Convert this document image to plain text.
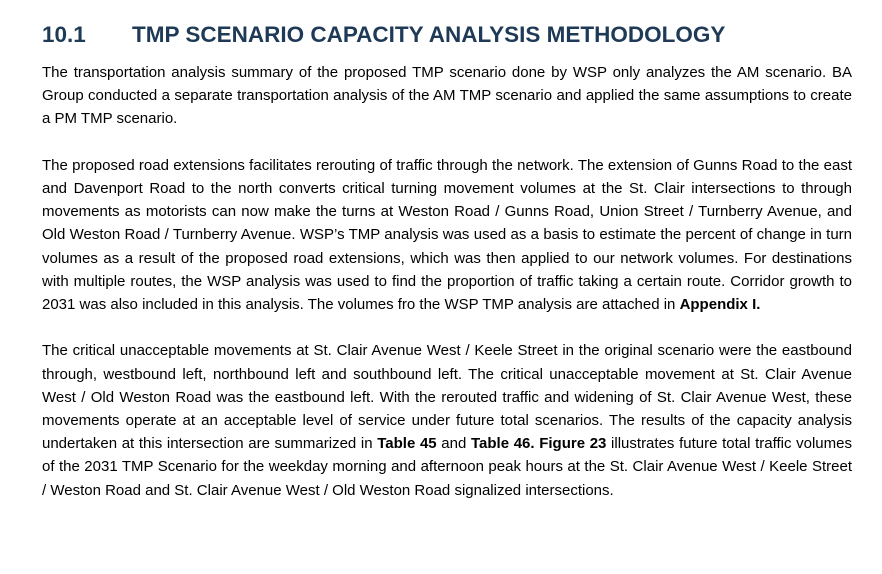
10.1	TMP SCENARIO CAPACITY ANALYSIS METHODOLOGY

The transportation analysis summary of the proposed TMP scenario done by WSP only analyzes the AM scenario. BA Group conducted a separate transportation analysis of the AM TMP scenario and applied the same assumptions to create a PM TMP scenario.

The proposed road extensions facilitates rerouting of traffic through the network. The extension of Gunns Road to the east and Davenport Road to the north converts critical turning movement volumes at the St. Clair intersections to through movements as motorists can now make the turns at Weston Road / Gunns Road, Union Street / Turnberry Avenue, and Old Weston Road / Turnberry Avenue. WSP’s TMP analysis was used as a basis to estimate the percent of change in turn volumes as a result of the proposed road extensions, which was then applied to our network volumes. For destinations with multiple routes, the WSP analysis was used to find the proportion of traffic taking a certain route. Corridor growth to 2031 was also included in this analysis. The volumes fro the WSP TMP analysis are attached in Appendix I.

The critical unacceptable movements at St. Clair Avenue West / Keele Street in the original scenario were the eastbound through, westbound left, northbound left and southbound left. The critical unacceptable movement at St. Clair Avenue West / Old Weston Road was the eastbound left. With the rerouted traffic and widening of St. Clair Avenue West, these movements operate at an acceptable level of service under future total scenarios. The results of the capacity analysis undertaken at this intersection are summarized in Table 45 and Table 46. Figure 23 illustrates future total traffic volumes of the 2031 TMP Scenario for the weekday morning and afternoon peak hours at the St. Clair Avenue West / Keele Street / Weston Road and St. Clair Avenue West / Old Weston Road signalized intersections.
